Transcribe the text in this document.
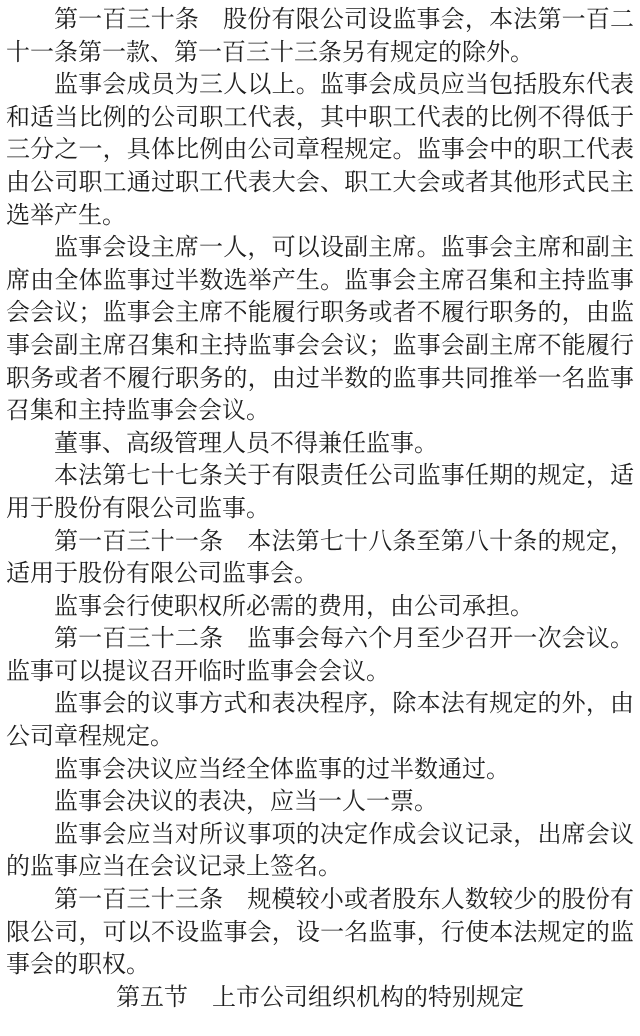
第一百三十条 股份有限公司设监事会，本法第一百二十一条第一款、第一百三十三条另有规定的除外。

监事会成员为三人以上。监事会成员应当包括股东代表和适当比例的公司职工代表，其中职工代表的比例不得低于三分之一，具体比例由公司章程规定。监事会中的职工代表由公司职工通过职工代表大会、职工大会或者其他形式民主选举产生。

监事会设主席一人，可以设副主席。监事会主席和副主席由全体监事过半数选举产生。监事会主席召集和主持监事会会议；监事会主席不能履行职务或者不履行职务的，由监事会副主席召集和主持监事会会议；监事会副主席不能履行职务或者不履行职务的，由过半数的监事共同推举一名监事召集和主持监事会会议。

董事、高级管理人员不得兼任监事。

本法第七十七条关于有限责任公司监事任期的规定，适用于股份有限公司监事。

第一百三十一条 本法第七十八条至第八十条的规定，适用于股份有限公司监事会。

监事会行使职权所必需的费用，由公司承担。

第一百三十二条 监事会每六个月至少召开一次会议。监事可以提议召开临时监事会会议。

监事会的议事方式和表决程序，除本法有规定的外，由公司章程规定。

监事会决议应当经全体监事的过半数通过。

监事会决议的表决，应当一人一票。

监事会应当对所议事项的决定作成会议记录，出席会议的监事应当在会议记录上签名。

第一百三十三条 规模较小或者股东人数较少的股份有限公司，可以不设监事会，设一名监事，行使本法规定的监事会的职权。

第五节 上市公司组织机构的特别规定
